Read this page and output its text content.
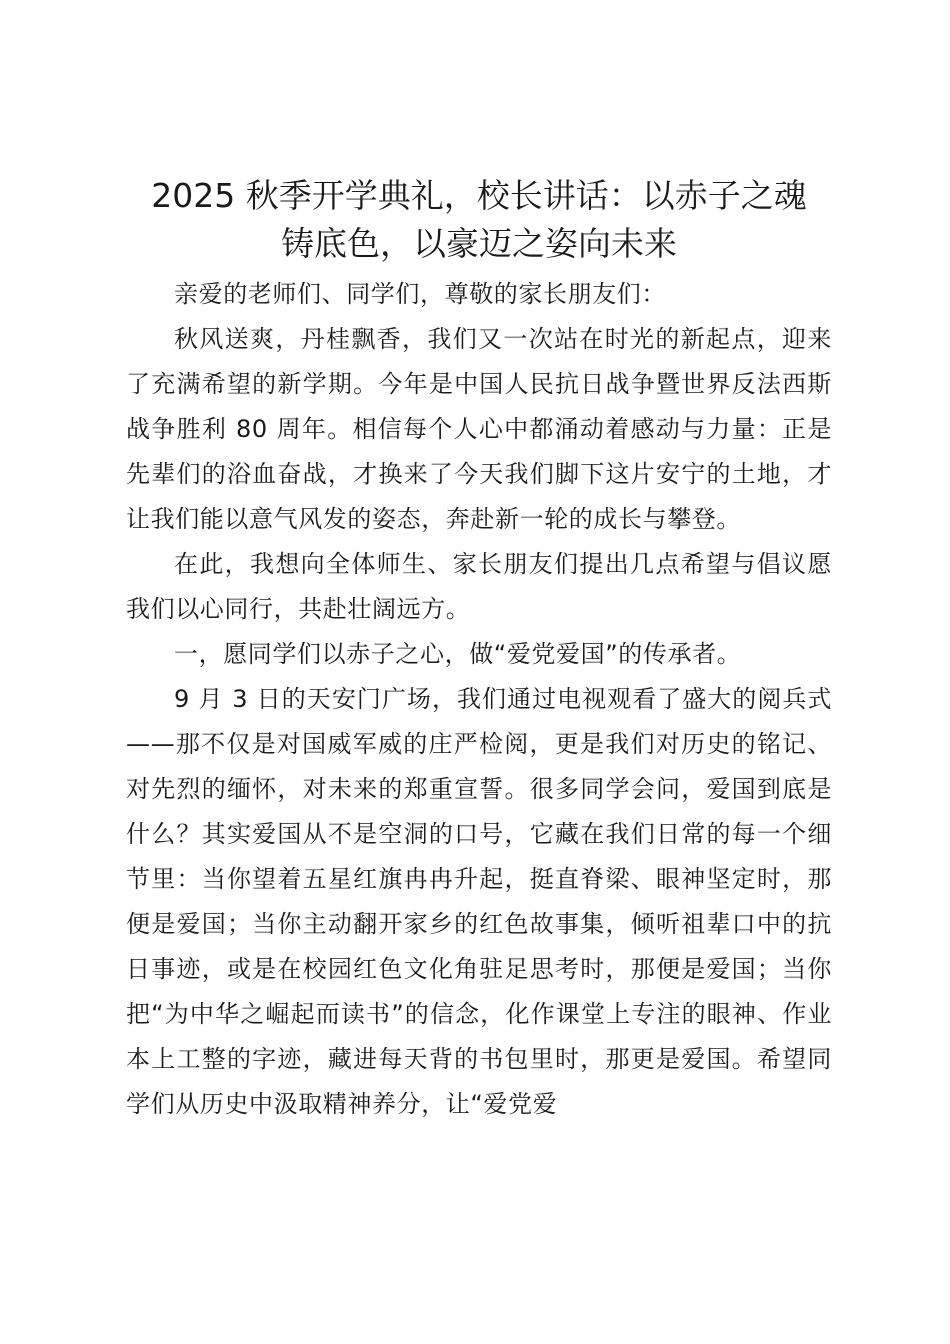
2025 秋季开学典礼，校长讲话：以赤子之魂
铸底色，以豪迈之姿向未来

亲爱的老师们、同学们，尊敬的家长朋友们：

秋风送爽，丹桂飘香，我们又一次站在时光的新起点，迎来了充满希望的新学期。今年是中国人民抗日战争暨世界反法西斯战争胜利 80 周年。相信每个人心中都涌动着感动与力量：正是先辈们的浴血奋战，才换来了今天我们脚下这片安宁的土地，才让我们能以意气风发的姿态，奔赴新一轮的成长与攀登。

在此，我想向全体师生、家长朋友们提出几点希望与倡议愿我们以心同行，共赴壮阔远方。

一，愿同学们以赤子之心，做“爱党爱国”的传承者。

9 月 3 日的天安门广场，我们通过电视观看了盛大的阅兵式——那不仅是对国威军威的庄严检阅，更是我们对历史的铭记、对先烈的缅怀，对未来的郑重宣誓。很多同学会问，爱国到底是什么？其实爱国从不是空洞的口号，它藏在我们日常的每一个细节里：当你望着五星红旗冉冉升起，挺直脊梁、眼神坚定时，那便是爱国；当你主动翻开家乡的红色故事集，倾听祖辈口中的抗日事迹，或是在校园红色文化角驻足思考时，那便是爱国；当你把“为中华之崛起而读书”的信念，化作课堂上专注的眼神、作业本上工整的字迹，藏进每天背的书包里时，那更是爱国。希望同学们从历史中汲取精神养分，让“爱党爱
